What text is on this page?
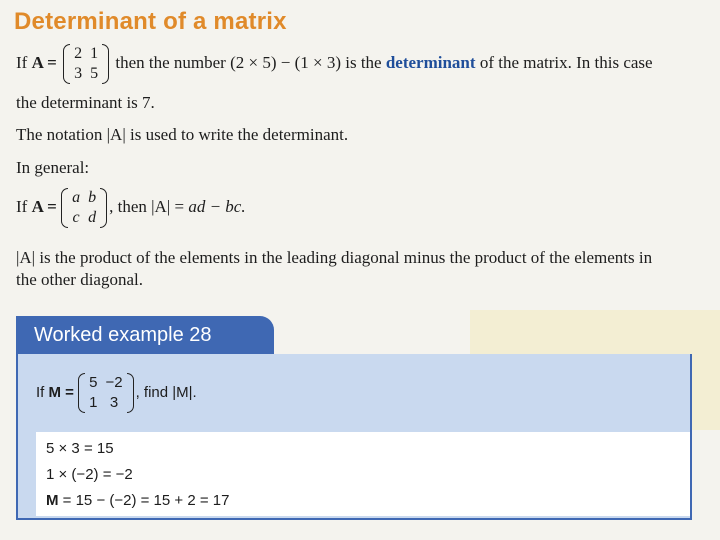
Determinant of a matrix
If A = 2	1
3	5
then the number (2 × 5) − (1 × 3) is the determinant of the matrix. In this case
the determinant is 7.
The notation |A| is used to write the determinant.
In general:
If A = a	b
c	d
, then |A| = ad − bc.
|A| is the product of the elements in the leading diagonal minus the product of the elements in
the other diagonal.
Worked example 28
If M =
5	−2
1	3
, find |M|.
5 × 3 = 15
1 × (−2) = −2
M = 15 − (−2) = 15 + 2 = 17
